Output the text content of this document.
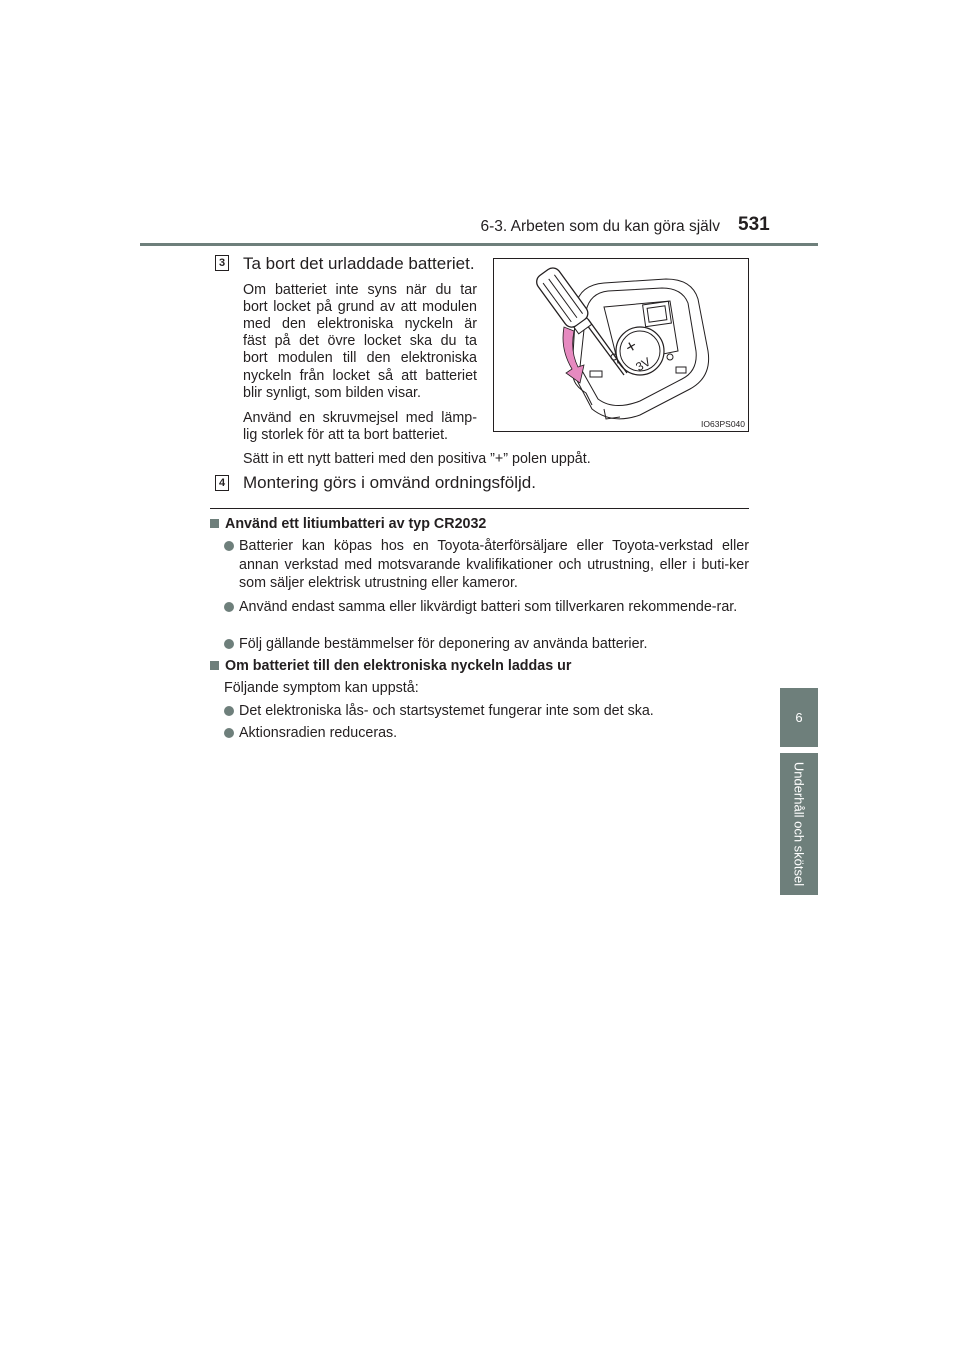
6-3. Arbeten som du kan göra själv 531
6
Underhåll och skötsel
3 Ta bort det urladdade batteriet.
Om batteriet inte syns när du tar
bort locket på grund av att modulen
med den elektroniska nyckeln är
fäst på det övre locket ska du ta
bort modulen till den elektroniska
nyckeln från locket så att batteriet
blir synligt, som bilden visar.
Använd en skruvmejsel med lämp-
lig storlek för att ta bort batteriet.
Sätt in ett nytt batteri med den positiva ”+” polen uppåt.
+
3V
IO63PS040
4 Montering görs i omvänd ordningsföljd.
Använd ett litiumbatteri av typ CR2032
Batterier kan köpas hos en Toyota-återförsäljare eller Toyota-verkstad eller annan verkstad med motsvarande kvalifikationer och utrustning, eller i buti-ker som säljer elektrisk utrustning eller kameror.
Använd endast samma eller likvärdigt batteri som tillverkaren rekommende-rar.
Följ gällande bestämmelser för deponering av använda batterier.
Om batteriet till den elektroniska nyckeln laddas ur
Följande symptom kan uppstå:
Det elektroniska lås- och startsystemet fungerar inte som det ska.
Aktionsradien reduceras.
